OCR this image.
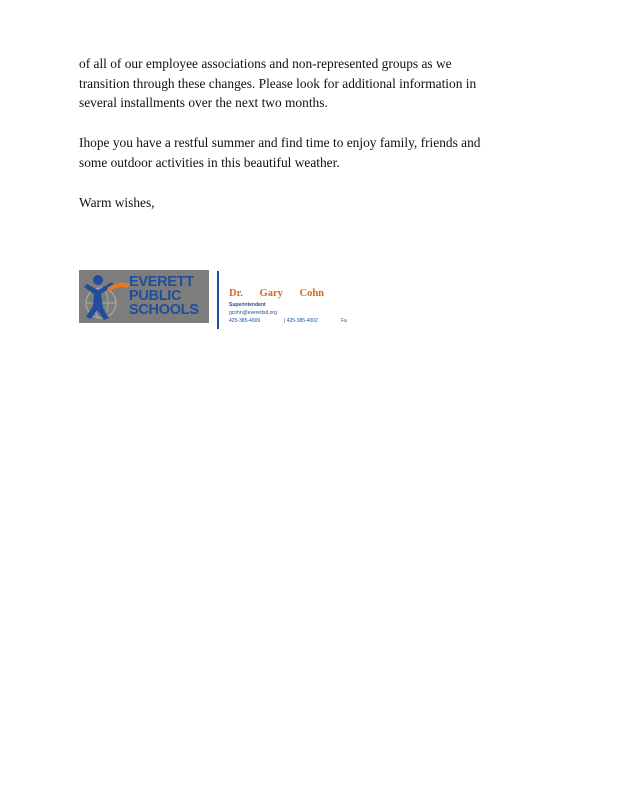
of all of our employee associations and non-represented groups as we
transition through these changes. Please look for additional information in
several installments over the next two months.
Ihope you have a restful summer and find time to enjoy family, friends and
some outdoor activities in this beautiful weather.
Warm wishes,
EVERETT
PUBLIC
SCHOOLS
Dr. Gary Cohn
Superintendent
gcohn@everettsd.org
425-385-4009	| 425-385-4002	Fa
